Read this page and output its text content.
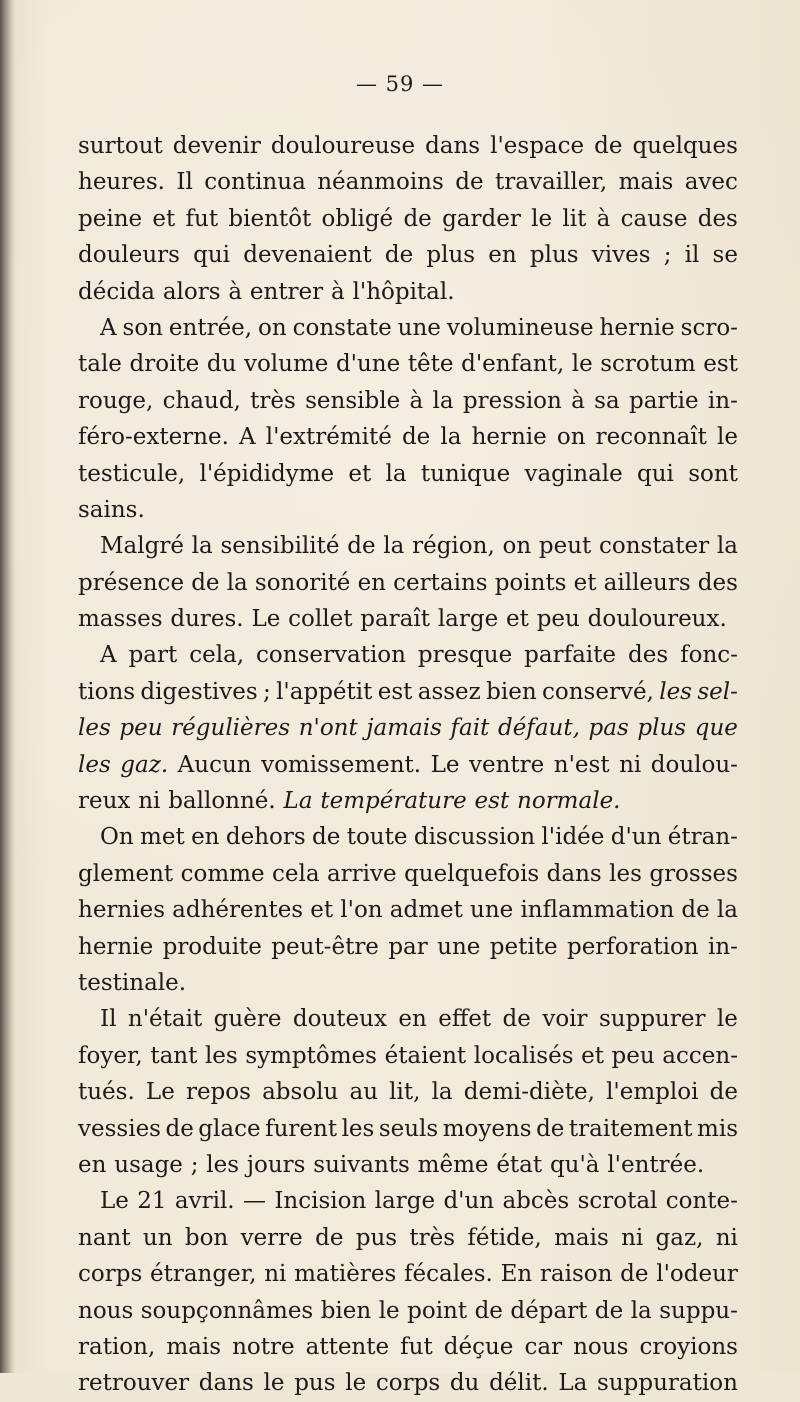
— 59 —
surtout devenir douloureuse dans l'espace de quelques
heures. Il continua néanmoins de travailler, mais avec
peine et fut bientôt obligé de garder le lit à cause des
douleurs qui devenaient de plus en plus vives ; il se
décida alors à entrer à l'hôpital.
A son entrée, on constate une volumineuse hernie scro-
tale droite du volume d'une tête d'enfant, le scrotum est
rouge, chaud, très sensible à la pression à sa partie in-
féro-externe. A l'extrémité de la hernie on reconnaît le
testicule, l'épididyme et la tunique vaginale qui sont
sains.
Malgré la sensibilité de la région, on peut constater la
présence de la sonorité en certains points et ailleurs des
masses dures. Le collet paraît large et peu douloureux.
A part cela, conservation presque parfaite des fonc-
tions digestives ; l'appétit est assez bien conservé, les sel-
les peu régulières n'ont jamais fait défaut, pas plus que
les gaz. Aucun vomissement. Le ventre n'est ni doulou-
reux ni ballonné. La température est normale.
On met en dehors de toute discussion l'idée d'un étran-
glement comme cela arrive quelquefois dans les grosses
hernies adhérentes et l'on admet une inflammation de la
hernie produite peut-être par une petite perforation in-
testinale.
Il n'était guère douteux en effet de voir suppurer le
foyer, tant les symptômes étaient localisés et peu accen-
tués. Le repos absolu au lit, la demi-diète, l'emploi de
vessies de glace furent les seuls moyens de traitement mis
en usage ; les jours suivants même état qu'à l'entrée.
Le 21 avril. — Incision large d'un abcès scrotal conte-
nant un bon verre de pus très fétide, mais ni gaz, ni
corps étranger, ni matières fécales. En raison de l'odeur
nous soupçonnâmes bien le point de départ de la suppu-
ration, mais notre attente fut déçue car nous croyions
retrouver dans le pus le corps du délit. La suppuration
